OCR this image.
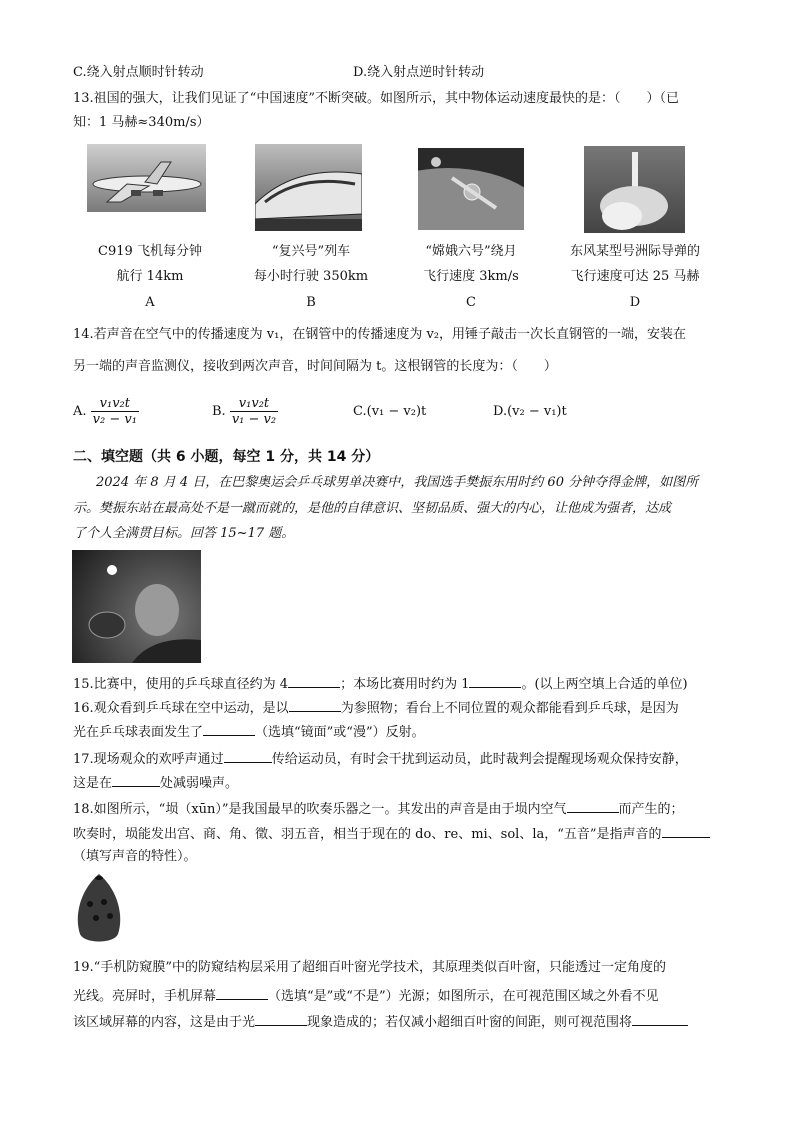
C.绕入射点顺时针转动	D.绕入射点逆时针转动
13.祖国的强大，让我们见证了“中国速度”不断突破。如图所示，其中物体运动速度最快的是：（　　）（已
知：1 马赫≈340m/s）
C919 飞机每分钟
航行 14km
A
“复兴号”列车
每小时行驶 350km
B
“嫦娥六号”绕月
飞行速度 3km/s
C
东风某型号洲际导弹的
飞行速度可达 25 马赫
D
14.若声音在空气中的传播速度为 v₁，在钢管中的传播速度为 v₂，用锤子敲击一次长直钢管的一端，安装在
另一端的声音监测仪，接收到两次声音，时间间隔为 t。这根钢管的长度为：（　　）
A. $\frac{\text{v₁v₂t}}{\text{v₂ − v₁}}$	B. $\frac{\text{v₁v₂t}}{\text{v₁ − v₂}}$	C.(v₁ − v₂)t	D.(v₂ − v₁)t
二、填空题（共 6 小题，每空 1 分，共 14 分）
2024 年 8 月 4 日，在巴黎奥运会乒乓球男单决赛中，我国选手樊振东用时约 60 分钟夺得金牌，如图所
示。樊振东站在最高处不是一蹴而就的，是他的自律意识、坚韧品质、强大的内心，让他成为强者，达成
了个人全满贯目标。回答 15~17 题。
15.比赛中，使用的乒乓球直径约为 4	；本场比赛用时约为 1	。(以上两空填上合适的单位)
16.观众看到乒乓球在空中运动，是以	为参照物；看台上不同位置的观众都能看到乒乓球，是因为
光在乒乓球表面发生了	（选填“镜面”或“漫”）反射。
17.现场观众的欢呼声通过	传给运动员，有时会干扰到运动员，此时裁判会提醒现场观众保持安静，
这是在	处减弱噪声。
18.如图所示，“埙（xūn）”是我国最早的吹奏乐器之一。其发出的声音是由于埙内空气	而产生的；
吹奏时，埙能发出宫、商、角、徵、羽五音，相当于现在的 do、re、mi、sol、la，“五音”是指声音的
（填写声音的特性）。
19.“手机防窥膜”中的防窥结构层采用了超细百叶窗光学技术，其原理类似百叶窗，只能透过一定角度的
光线。亮屏时，手机屏幕	（选填“是”或“不是”）光源；如图所示，在可视范围区域之外看不见
该区域屏幕的内容，这是由于光	现象造成的；若仅减小超细百叶窗的间距，则可视范围将
